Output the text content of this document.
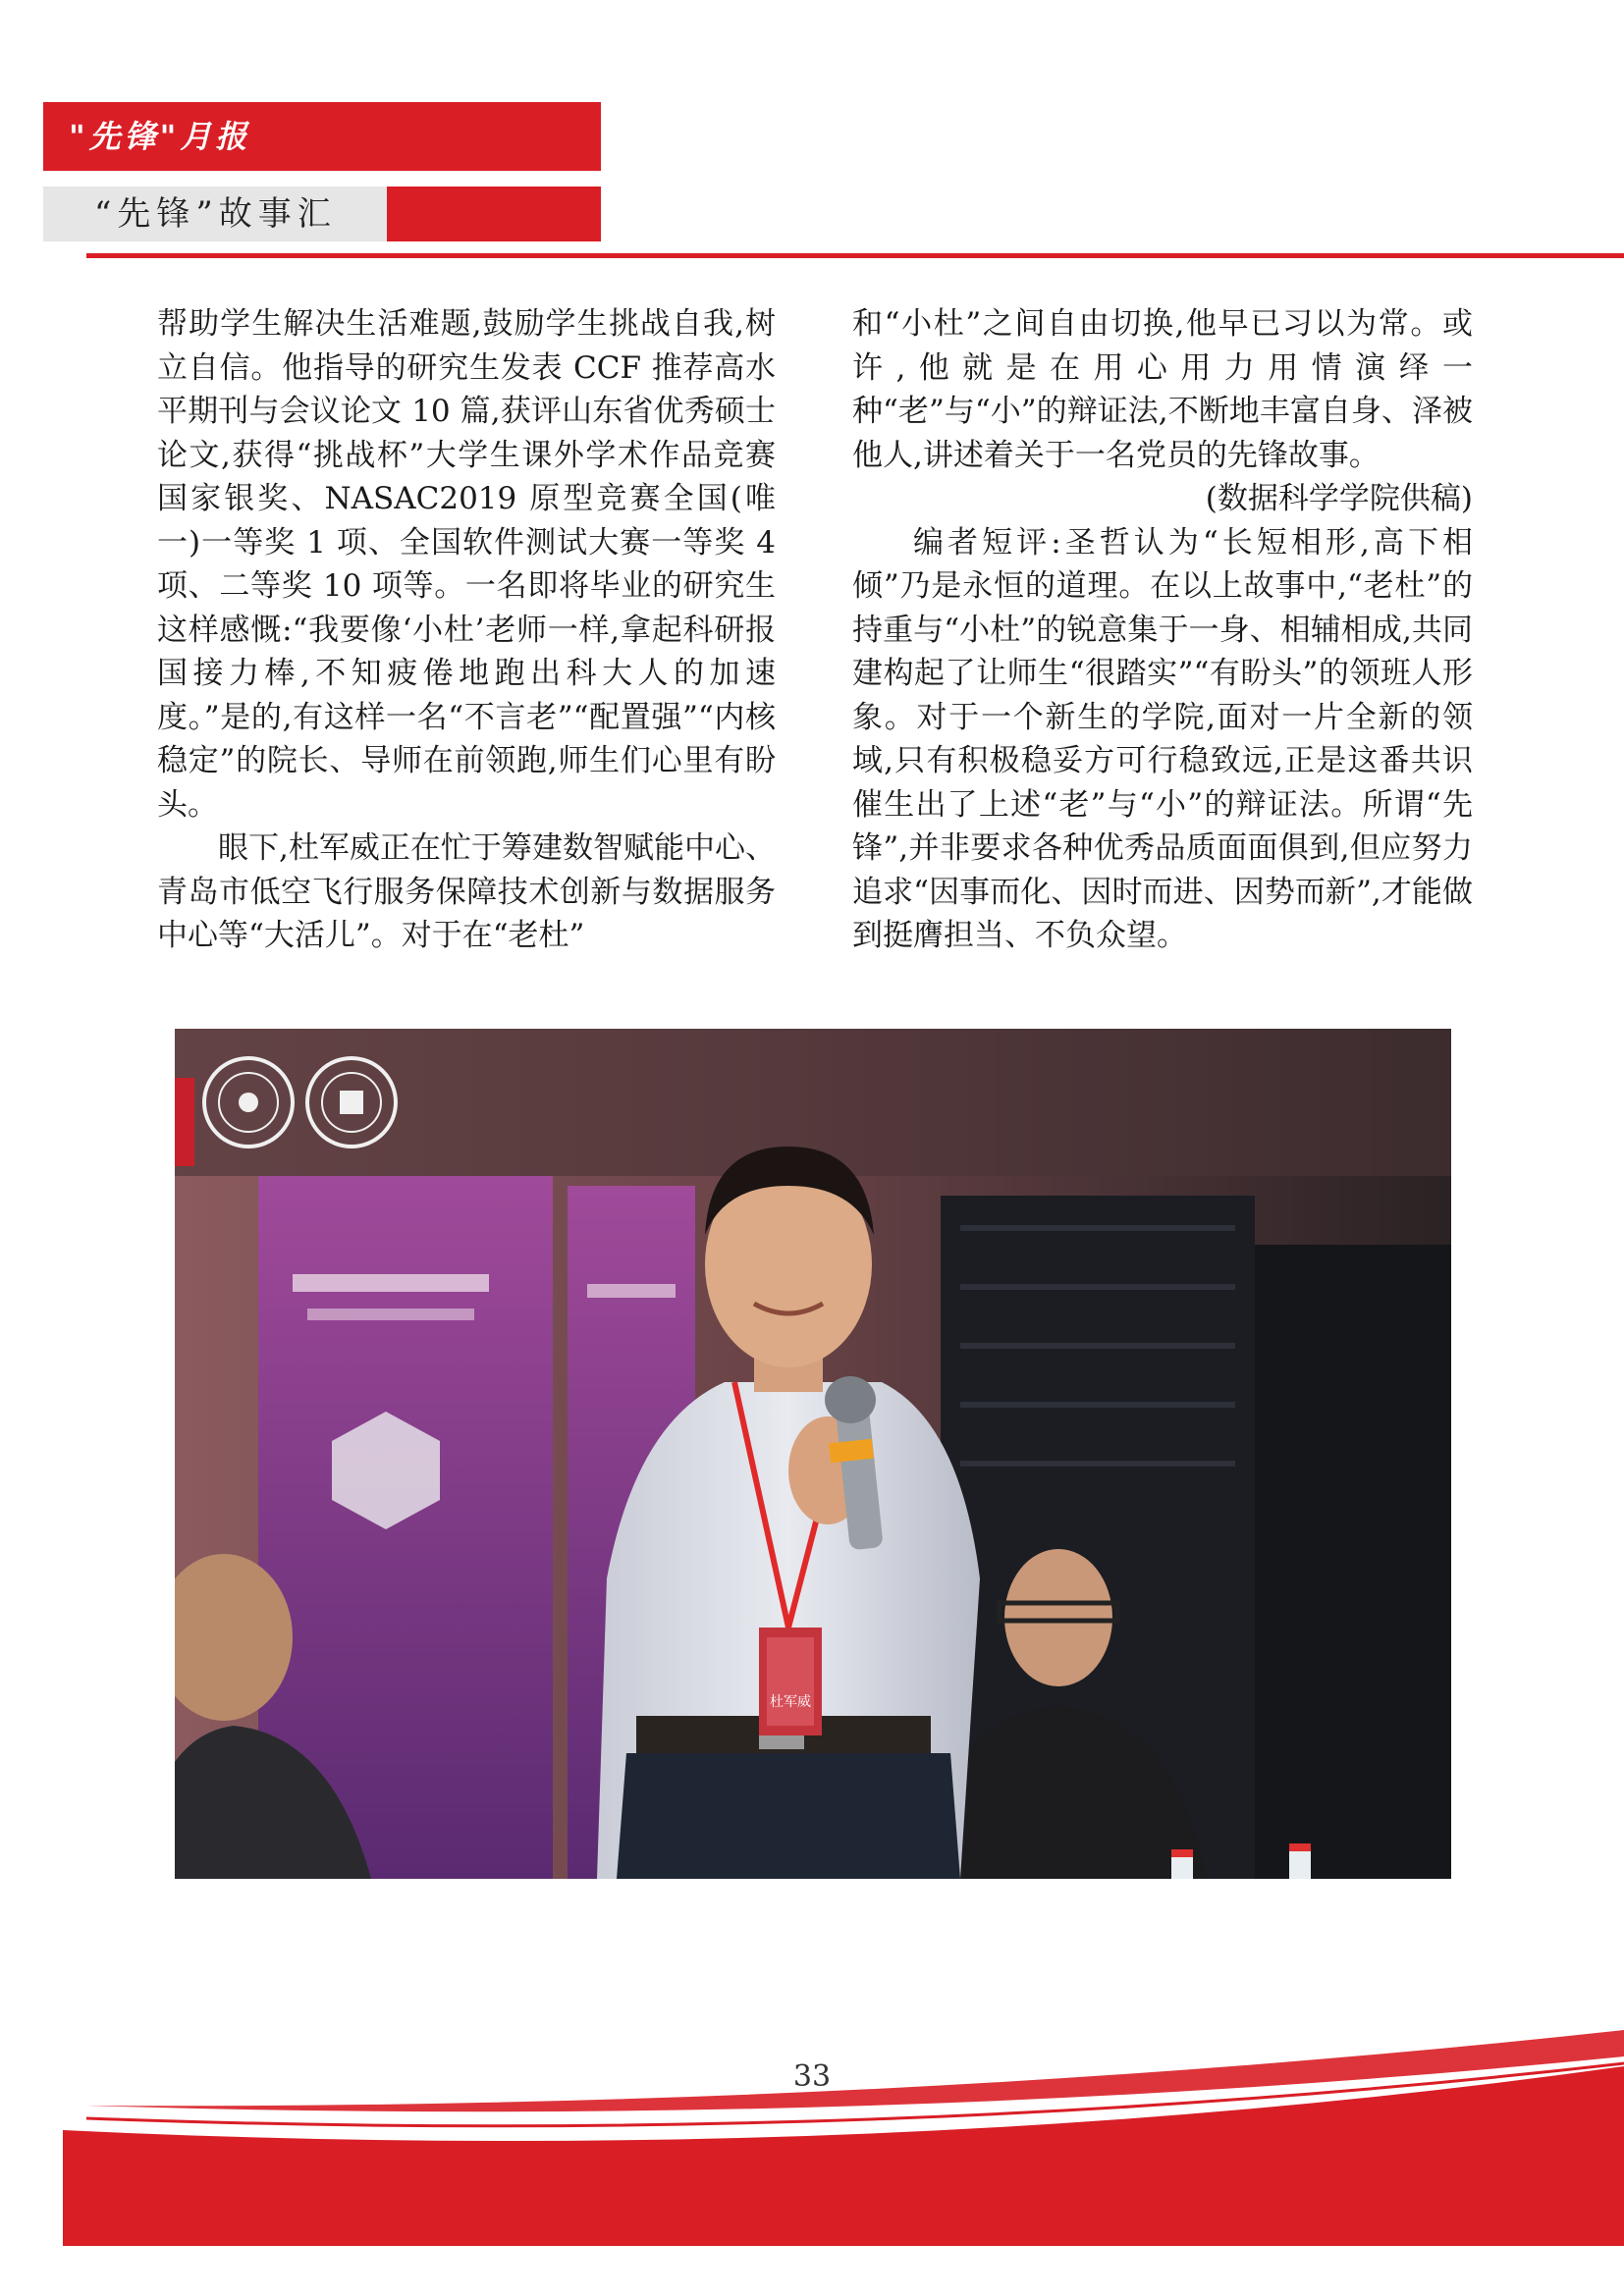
"先锋"月报
“先锋”故事汇

帮助学生解决生活难题,鼓励学生挑战自我,树立自信。他指导的研究生发表 CCF 推荐高水平期刊与会议论文 10 篇,获评山东省优秀硕士论文,获得“挑战杯”大学生课外学术作品竞赛国家银奖、NASAC2019 原型竞赛全国(唯一)一等奖 1 项、全国软件测试大赛一等奖 4 项、二等奖 10 项等。一名即将毕业的研究生这样感慨:“我要像‘小杜’老师一样,拿起科研报国接力棒,不知疲倦地跑出科大人的加速度。”是的,有这样一名“不言老”“配置强”“内核稳定”的院长、导师在前领跑,师生们心里有盼头。

眼下,杜军威正在忙于筹建数智赋能中心、青岛市低空飞行服务保障技术创新与数据服务中心等“大活儿”。对于在“老杜”

和“小杜”之间自由切换,他早已习以为常。或许,他就是在用心用力用情演绎一种“老”与“小”的辩证法,不断地丰富自身、泽被他人,讲述着关于一名党员的先锋故事。

(数据科学学院供稿)

编者短评:圣哲认为“长短相形,高下相倾”乃是永恒的道理。在以上故事中,“老杜”的持重与“小杜”的锐意集于一身、相辅相成,共同建构起了让师生“很踏实”“有盼头”的领班人形象。对于一个新生的学院,面对一片全新的领域,只有积极稳妥方可行稳致远,正是这番共识催生出了上述“老”与“小”的辩证法。所谓“先锋”,并非要求各种优秀品质面面俱到,但应努力追求“因事而化、因时而进、因势而新”,才能做到挺膺担当、不负众望。

杜军威
33
